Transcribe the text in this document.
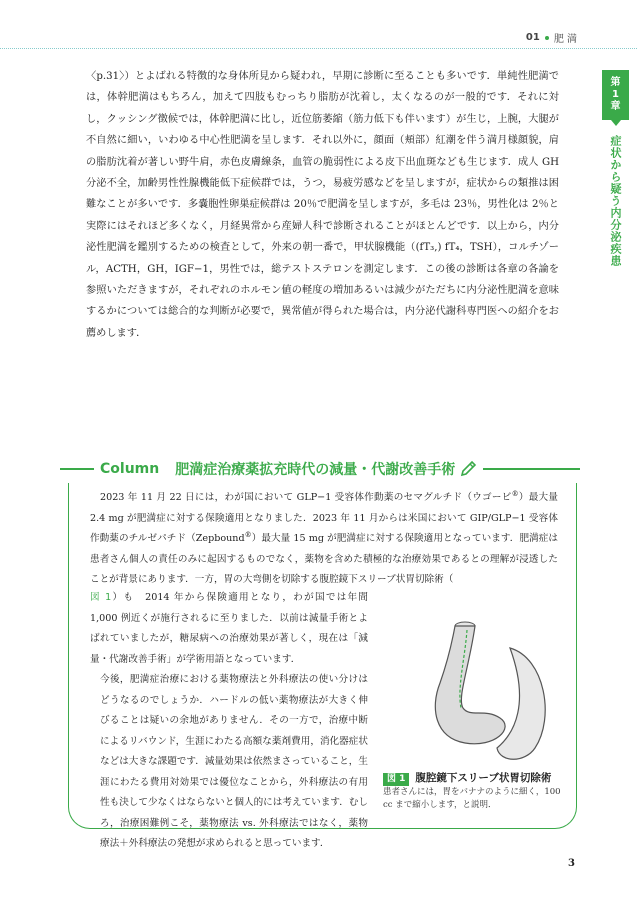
01 肥 満
第
1
章
症状から疑う内分泌疾患

〈p.31〉）とよばれる特徴的な身体所見から疑われ，早期に診断に至ることも多いです．単純性肥満では，体幹肥満はもちろん，加えて四肢もむっちり脂肪が沈着し，太くなるのが一般的です．それに対し，クッシング徴候では，体幹肥満に比し，近位筋萎縮（筋力低下も伴います）が生じ，上腕，大腿が不自然に細い，いわゆる中心性肥満を呈します．それ以外に，顔面（頬部）紅潮を伴う満月様顔貌，肩の脂肪沈着が著しい野牛肩，赤色皮膚線条，血管の脆弱性による皮下出血斑なども生じます．成人 GH 分泌不全，加齢男性性腺機能低下症候群では，うつ，易疲労感などを呈しますが，症状からの類推は困難なことが多いです．多嚢胞性卵巣症候群は 20％で肥満を呈しますが，多毛は 23％，男性化は 2％と実際にはそれほど多くなく，月経異常から産婦人科で診断されることがほとんどです．以上から，内分泌性肥満を鑑別するための検査として，外来の朝一番で，甲状腺機能（(fT₃,) fT₄，TSH），コルチゾール，ACTH，GH，IGF−1，男性では，総テストステロンを測定します．この後の診断は各章の各論を参照いただきますが，それぞれのホルモン値の軽度の増加あるいは減少がただちに内分泌性肥満を意味するかについては総合的な判断が必要で，異常値が得られた場合は，内分泌代謝科専門医への紹介をお薦めします．

Column 肥満症治療薬拡充時代の減量・代謝改善手術
2023 年 11 月 22 日には，わが国において GLP−1 受容体作動薬のセマグルチド（ウゴービ®）最大量 2.4 mg が肥満症に対する保険適用となりました．2023 年 11 月からは米国において GIP/GLP−1 受容体作動薬のチルゼパチド（Zepbound®）最大量 15 mg が肥満症に対する保険適用となっています．肥満症は患者さん個人の責任のみに起因するものでなく，薬物を含めた積極的な治療効果であるとの理解が浸透したことが背景にあります．一方，胃の大弯側を切除する腹腔鏡下スリーブ状胃切除術（
図 1）も　2014 年から保険適用となり，わが国では年間 1,000 例近くが施行されるに至りました．以前は減量手術とよばれていましたが，糖尿病への治療効果が著しく，現在は「減量・代謝改善手術」が学術用語となっています．
今後，肥満症治療における薬物療法と外科療法の使い分けはどうなるのでしょうか．ハードルの低い薬物療法が大きく伸びることは疑いの余地がありません．その一方で，治療中断によるリバウンド，生涯にわたる高額な薬剤費用，消化器症状などは大きな課題です．減量効果は依然まさっていること，生涯にわたる費用対効果では優位なことから，外科療法の有用性も決して少なくはならないと個人的には考えています．むしろ，治療困難例こそ，薬物療法 vs. 外科療法ではなく，薬物療法＋外科療法の発想が求められると思っています．
図 1 腹腔鏡下スリーブ状胃切除術
患者さんには，胃をバナナのように細く，100 cc まで縮小します，と説明．
3
